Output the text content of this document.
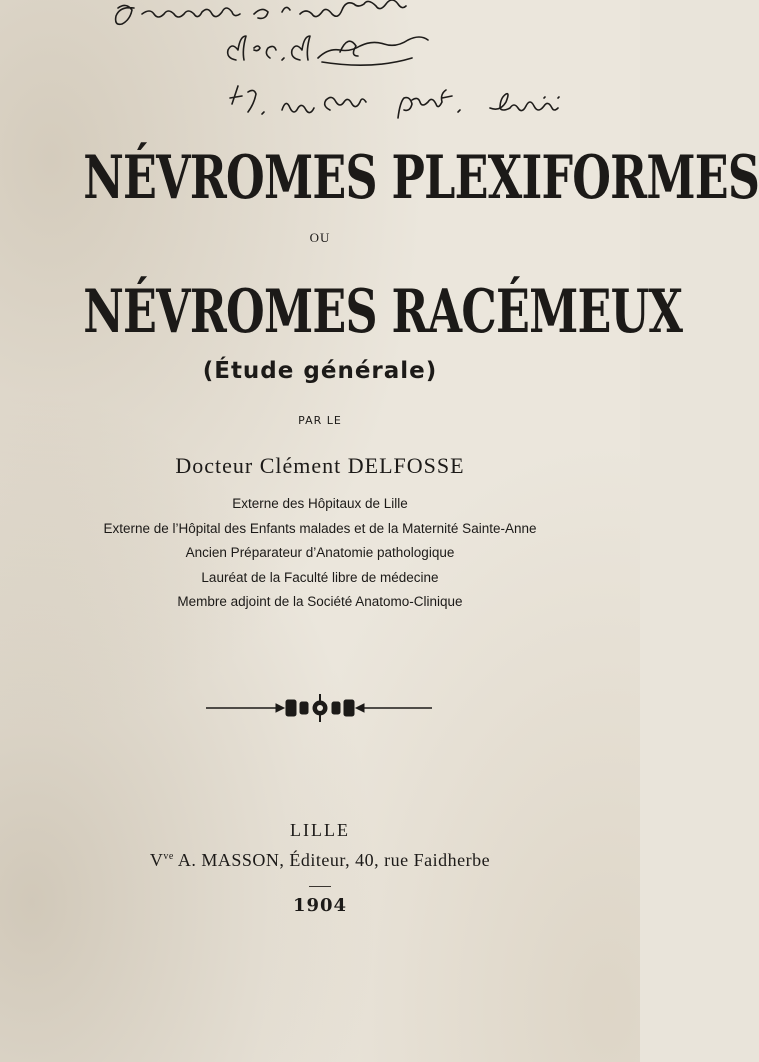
NÉVROMES PLEXIFORMES
OU
NÉVROMES RACÉMEUX
(Étude générale)
PAR LE
Docteur Clément DELFOSSE
Externe des Hôpitaux de Lille
Externe de l’Hôpital des Enfants malades et de la Maternité Sainte-Anne
Ancien Préparateur d’Anatomie pathologique
Lauréat de la Faculté libre de médecine
Membre adjoint de la Société Anatomo-Clinique
LILLE
$V^{ve}$ A. MASSON, Éditeur, 40, rue Faidherbe
1904
